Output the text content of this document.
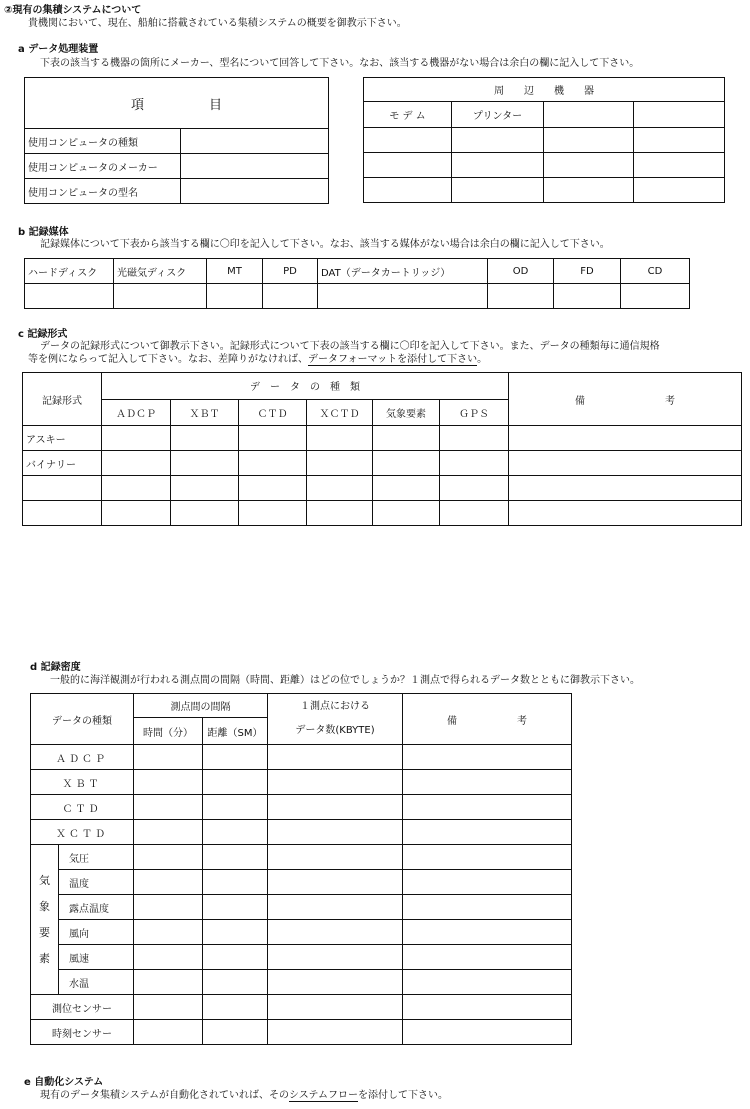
②現有の集積システムについて
貴機関において、現在、船舶に搭載されている集積システムの概要を御教示下さい。
a データ処理装置
下表の該当する機器の箇所にメーカー、型名について回答して下さい。なお、該当する機器がない場合は余白の欄に記入して下さい。
項　　　　　目	
使用コンピュータの種類	
使用コンピュータのメーカー	
使用コンピュータの型名	
周　　辺　　機　　器			
モ デ ム	プリンター		

b 記録媒体
記録媒体について下表から該当する欄に〇印を記入して下さい。なお、該当する媒体がない場合は余白の欄に記入して下さい。
ハードディスク	光磁気ディスク	MT	PD	DAT（データカートリッジ）	OD	FD	CD

c 記録形式
データの記録形式について御教示下さい。記録形式について下表の該当する欄に〇印を記入して下さい。また、データの種類毎に通信規格
等を例にならって記入して下さい。なお、差障りがなければ、データフォーマットを添付して下さい。
記録形式	デ　ー　タ　の　種　類						備　　　　　　　　考
	ＡＤＣＰ	ＸＢＴ	ＣＴＤ	ＸＣＴＤ	気象要素	ＧＰＳ	
アスキー							
バイナリー							

d 記録密度
一般的に海洋観測が行われる測点間の間隔（時間、距離）はどの位でしょうか？１測点で得られるデータ数とともに御教示下さい。
データの種類		測点間の間隔		１測点における
データ数(KBYTE)	備　　　　　　考
		時間（分）	距離（SM）		
ＡＤＣＰ					
ＸＢＴ					
ＣＴＤ					
ＸＣＴＤ					

気
象
要
素	気圧				
	温度				
	露点温度				
	風向				
	風速				
	水温				
測位センサー					
時刻センサー					
e 自動化システム
現有のデータ集積システムが自動化されていれば、そのシステムフローを添付して下さい。
